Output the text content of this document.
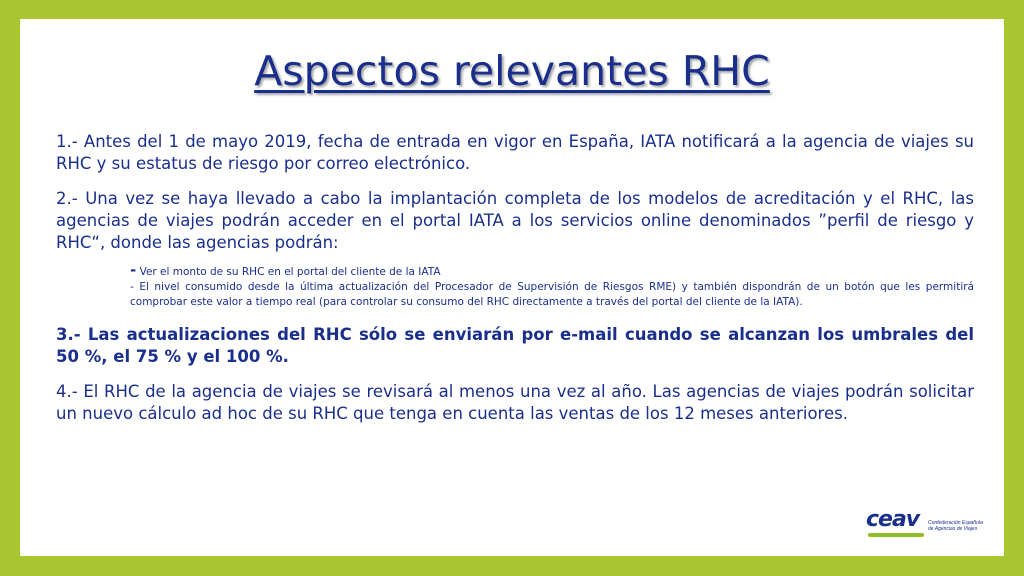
Aspectos relevantes RHC

1.- Antes del 1 de mayo 2019, fecha de entrada en vigor en España, IATA notificará a la agencia de viajes su RHC y su estatus de riesgo por correo electrónico.

2.- Una vez se haya llevado a cabo la implantación completa de los modelos de acreditación y el RHC, las agencias de viajes podrán acceder en el portal IATA a los servicios online denominados ”perfil de riesgo y RHC“, donde las agencias podrán:

- Ver el monto de su RHC en el portal del cliente de la IATA

- El nivel consumido desde la última actualización del Procesador de Supervisión de Riesgos RME) y también dispondrán de un botón que les permitirá comprobar este valor a tiempo real (para controlar su consumo del RHC directamente a través del portal del cliente de la IATA).

3.- Las actualizaciones del RHC sólo se enviarán por e-mail cuando se alcanzan los umbrales del 50 %, el 75 % y el 100 %.

4.- El RHC de la agencia de viajes se revisará al menos una vez al año. Las agencias de viajes podrán solicitar un nuevo cálculo ad hoc de su RHC que tenga en cuenta las ventas de los 12 meses anteriores.

ceav Confederación Española de Agencias de Viajes
